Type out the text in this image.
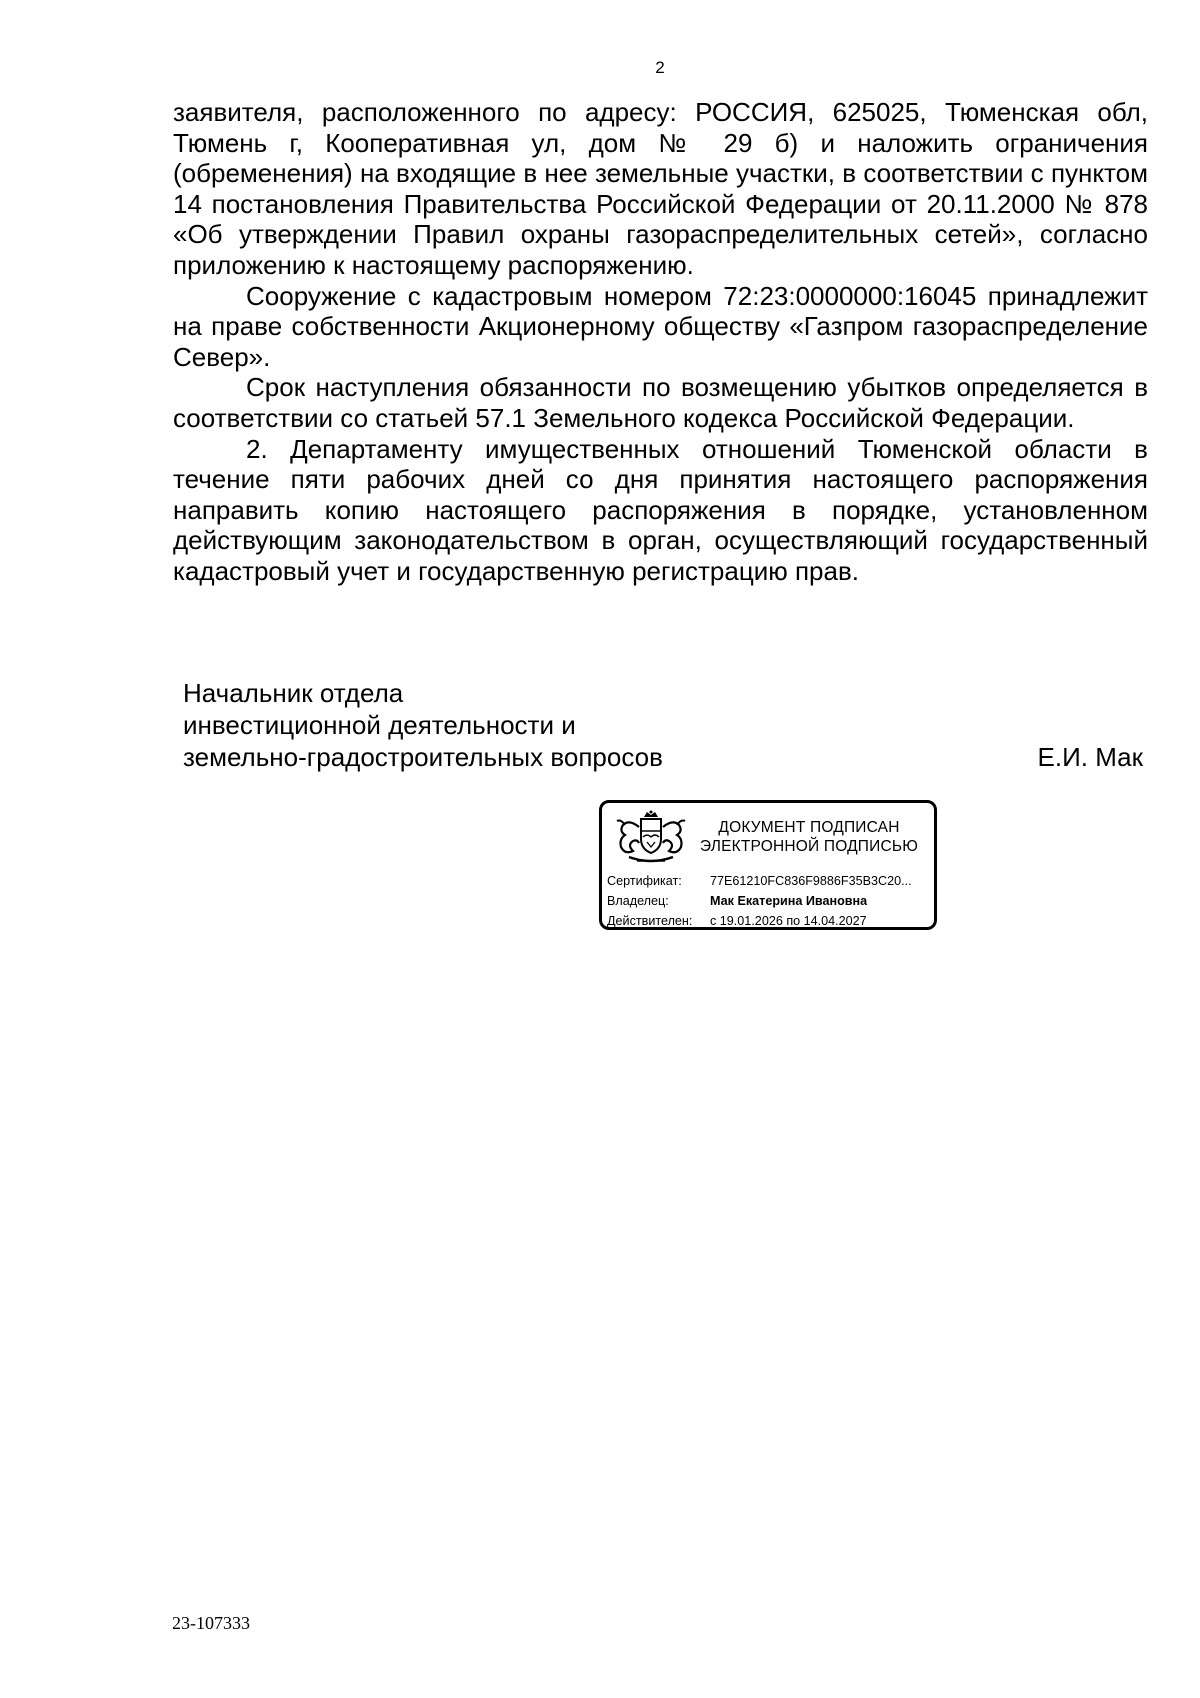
2

заявителя, расположенного по адресу: РОССИЯ, 625025, Тюменская обл, Тюмень г, Кооперативная ул, дом № 29 б) и наложить ограничения (обременения) на входящие в нее земельные участки, в соответствии с пунктом 14 постановления Правительства Российской Федерации от 20.11.2000 № 878 «Об утверждении Правил охраны газораспределительных сетей», согласно приложению к настоящему распоряжению.

Сооружение с кадастровым номером 72:23:0000000:16045 принадлежит на праве собственности Акционерному обществу «Газпром газораспределение Север».

Срок наступления обязанности по возмещению убытков определяется в соответствии со статьей 57.1 Земельного кодекса Российской Федерации.

2. Департаменту имущественных отношений Тюменской области в течение пяти рабочих дней со дня принятия настоящего распоряжения направить копию настоящего распоряжения в порядке, установленном действующим законодательством в орган, осуществляющий государственный кадастровый учет и государственную регистрацию прав.

Начальник отдела
инвестиционной деятельности и
земельно-градостроительных вопросов	Е.И. Мак
ДОКУМЕНТ ПОДПИСАН
ЭЛЕКТРОННОЙ ПОДПИСЬЮ
Сертификат:	77E61210FC836F9886F35B3C20...
Владелец:	Мак Екатерина Ивановна
Действителен:	с 19.01.2026 по 14.04.2027
23-107333
